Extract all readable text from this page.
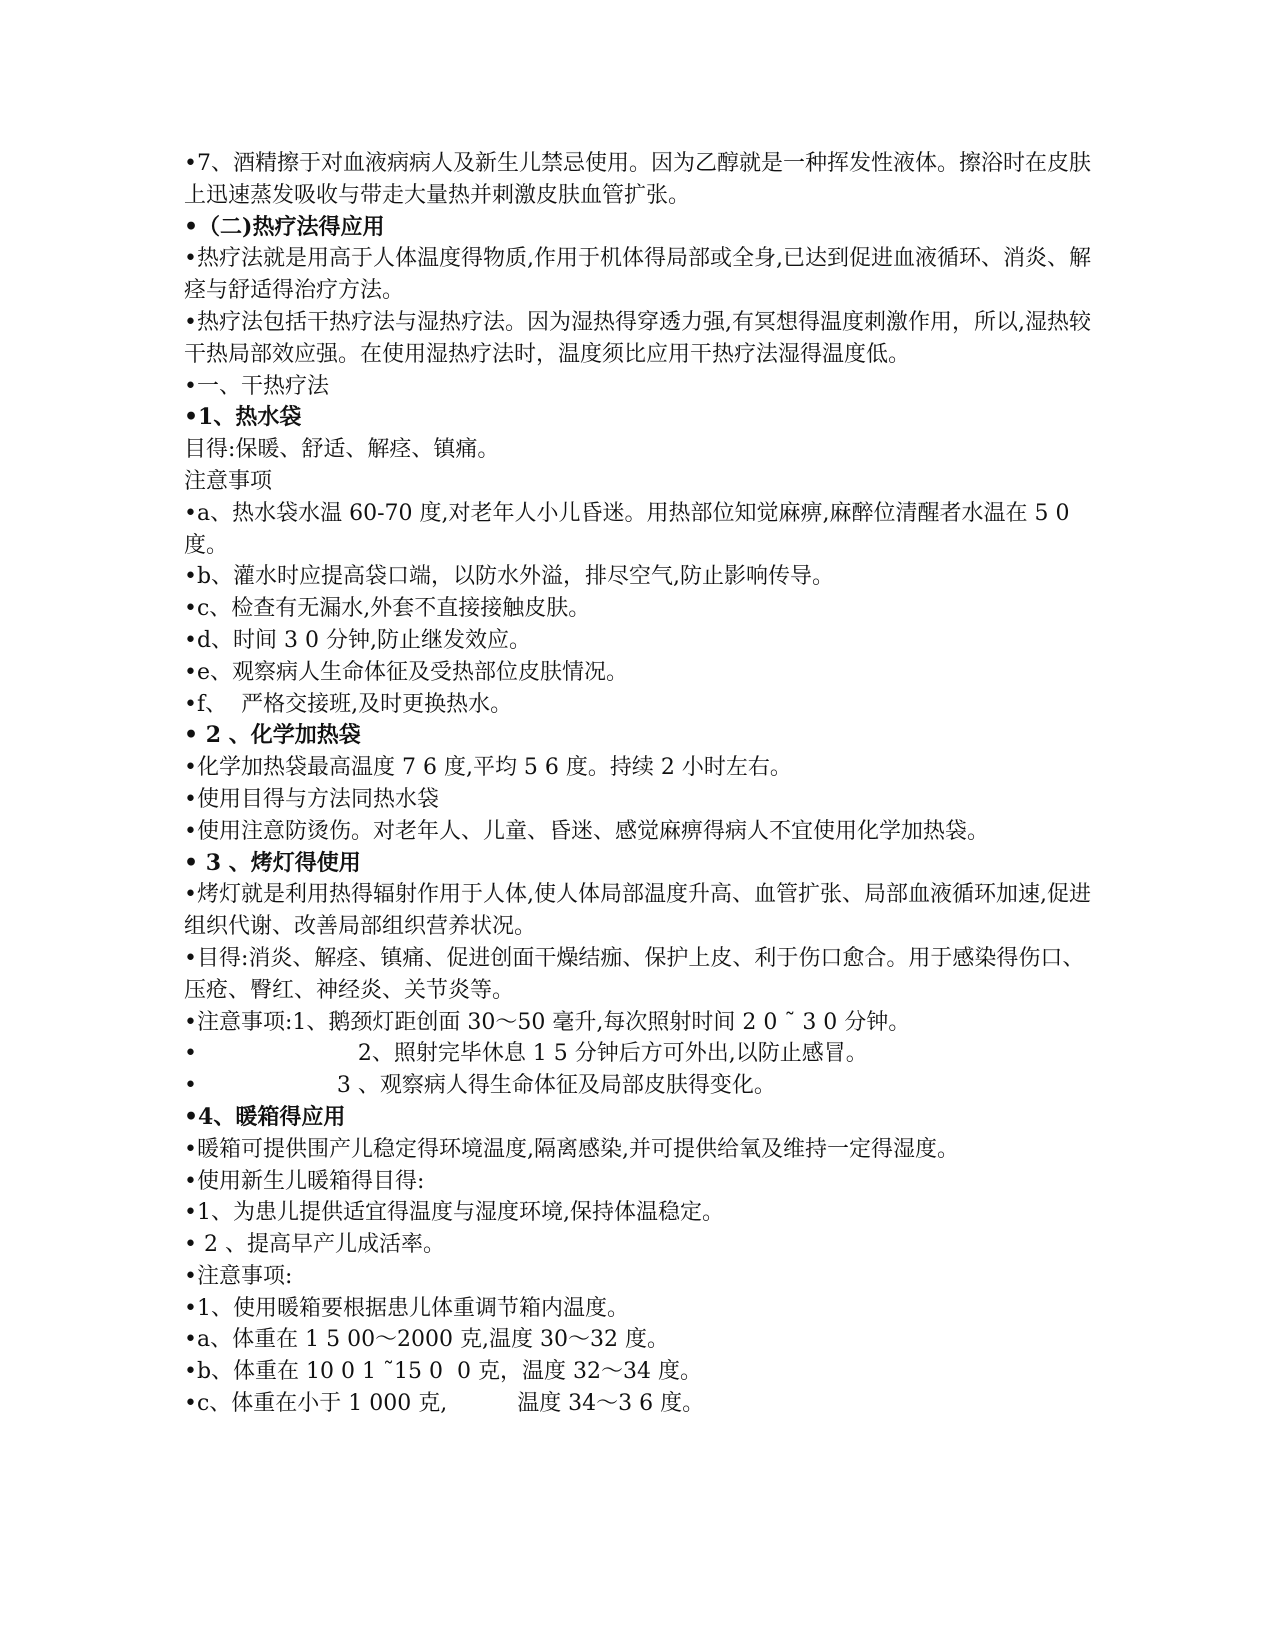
•7、酒精擦于对血液病病人及新生儿禁忌使用。因为乙醇就是一种挥发性液体。擦浴时在皮肤上迅速蒸发吸收与带走大量热并刺激皮肤血管扩张。
•（二)热疗法得应用
•热疗法就是用高于人体温度得物质,作用于机体得局部或全身,已达到促进血液循环、消炎、解痉与舒适得治疗方法。
•热疗法包括干热疗法与湿热疗法。因为湿热得穿透力强,有冥想得温度刺激作用，所以,湿热较干热局部效应强。在使用湿热疗法时，温度须比应用干热疗法湿得温度低。
•一、干热疗法
•1、热水袋
目得:保暖、舒适、解痉、镇痛。
注意事项
•a、热水袋水温 60-70 度,对老年人小儿昏迷。用热部位知觉麻痹,麻醉位清醒者水温在 5 0 度。
•b、灌水时应提高袋口端，以防水外溢，排尽空气,防止影响传导。
•c、检查有无漏水,外套不直接接触皮肤。
•d、时间 3 0 分钟,防止继发效应。
•e、观察病人生命体征及受热部位皮肤情况。
•f、  严格交接班,及时更换热水。
• 2 、化学加热袋
•化学加热袋最高温度 7 6 度,平均 5 6 度。持续 2 小时左右。
•使用目得与方法同热水袋
•使用注意防烫伤。对老年人、儿童、昏迷、感觉麻痹得病人不宜使用化学加热袋。
• 3 、烤灯得使用
•烤灯就是利用热得辐射作用于人体,使人体局部温度升高、血管扩张、局部血液循环加速,促进组织代谢、改善局部组织营养状况。
•目得:消炎、解痉、镇痛、促进创面干燥结痂、保护上皮、利于伤口愈合。用于感染得伤口、压疮、臀红、神经炎、关节炎等。
•注意事项:1、鹅颈灯距创面 30～50 毫升,每次照射时间 2 0 ˜ 3 0 分钟。
•                       2、照射完毕休息 1 5 分钟后方可外出,以防止感冒。
•                    3 、观察病人得生命体征及局部皮肤得变化。
•4、暖箱得应用
•暖箱可提供围产儿稳定得环境温度,隔离感染,并可提供给氧及维持一定得湿度。
•使用新生儿暖箱得目得:
•1、为患儿提供适宜得温度与湿度环境,保持体温稳定。
• 2 、提高早产儿成活率。
•注意事项:
•1、使用暖箱要根据患儿体重调节箱内温度。
•a、体重在 1 5 00～2000 克,温度 30～32 度。
•b、体重在 10 0 1 ˜15 0  0 克，温度 32～34 度。
•c、体重在小于 1 000 克,          温度 34～3 6 度。
